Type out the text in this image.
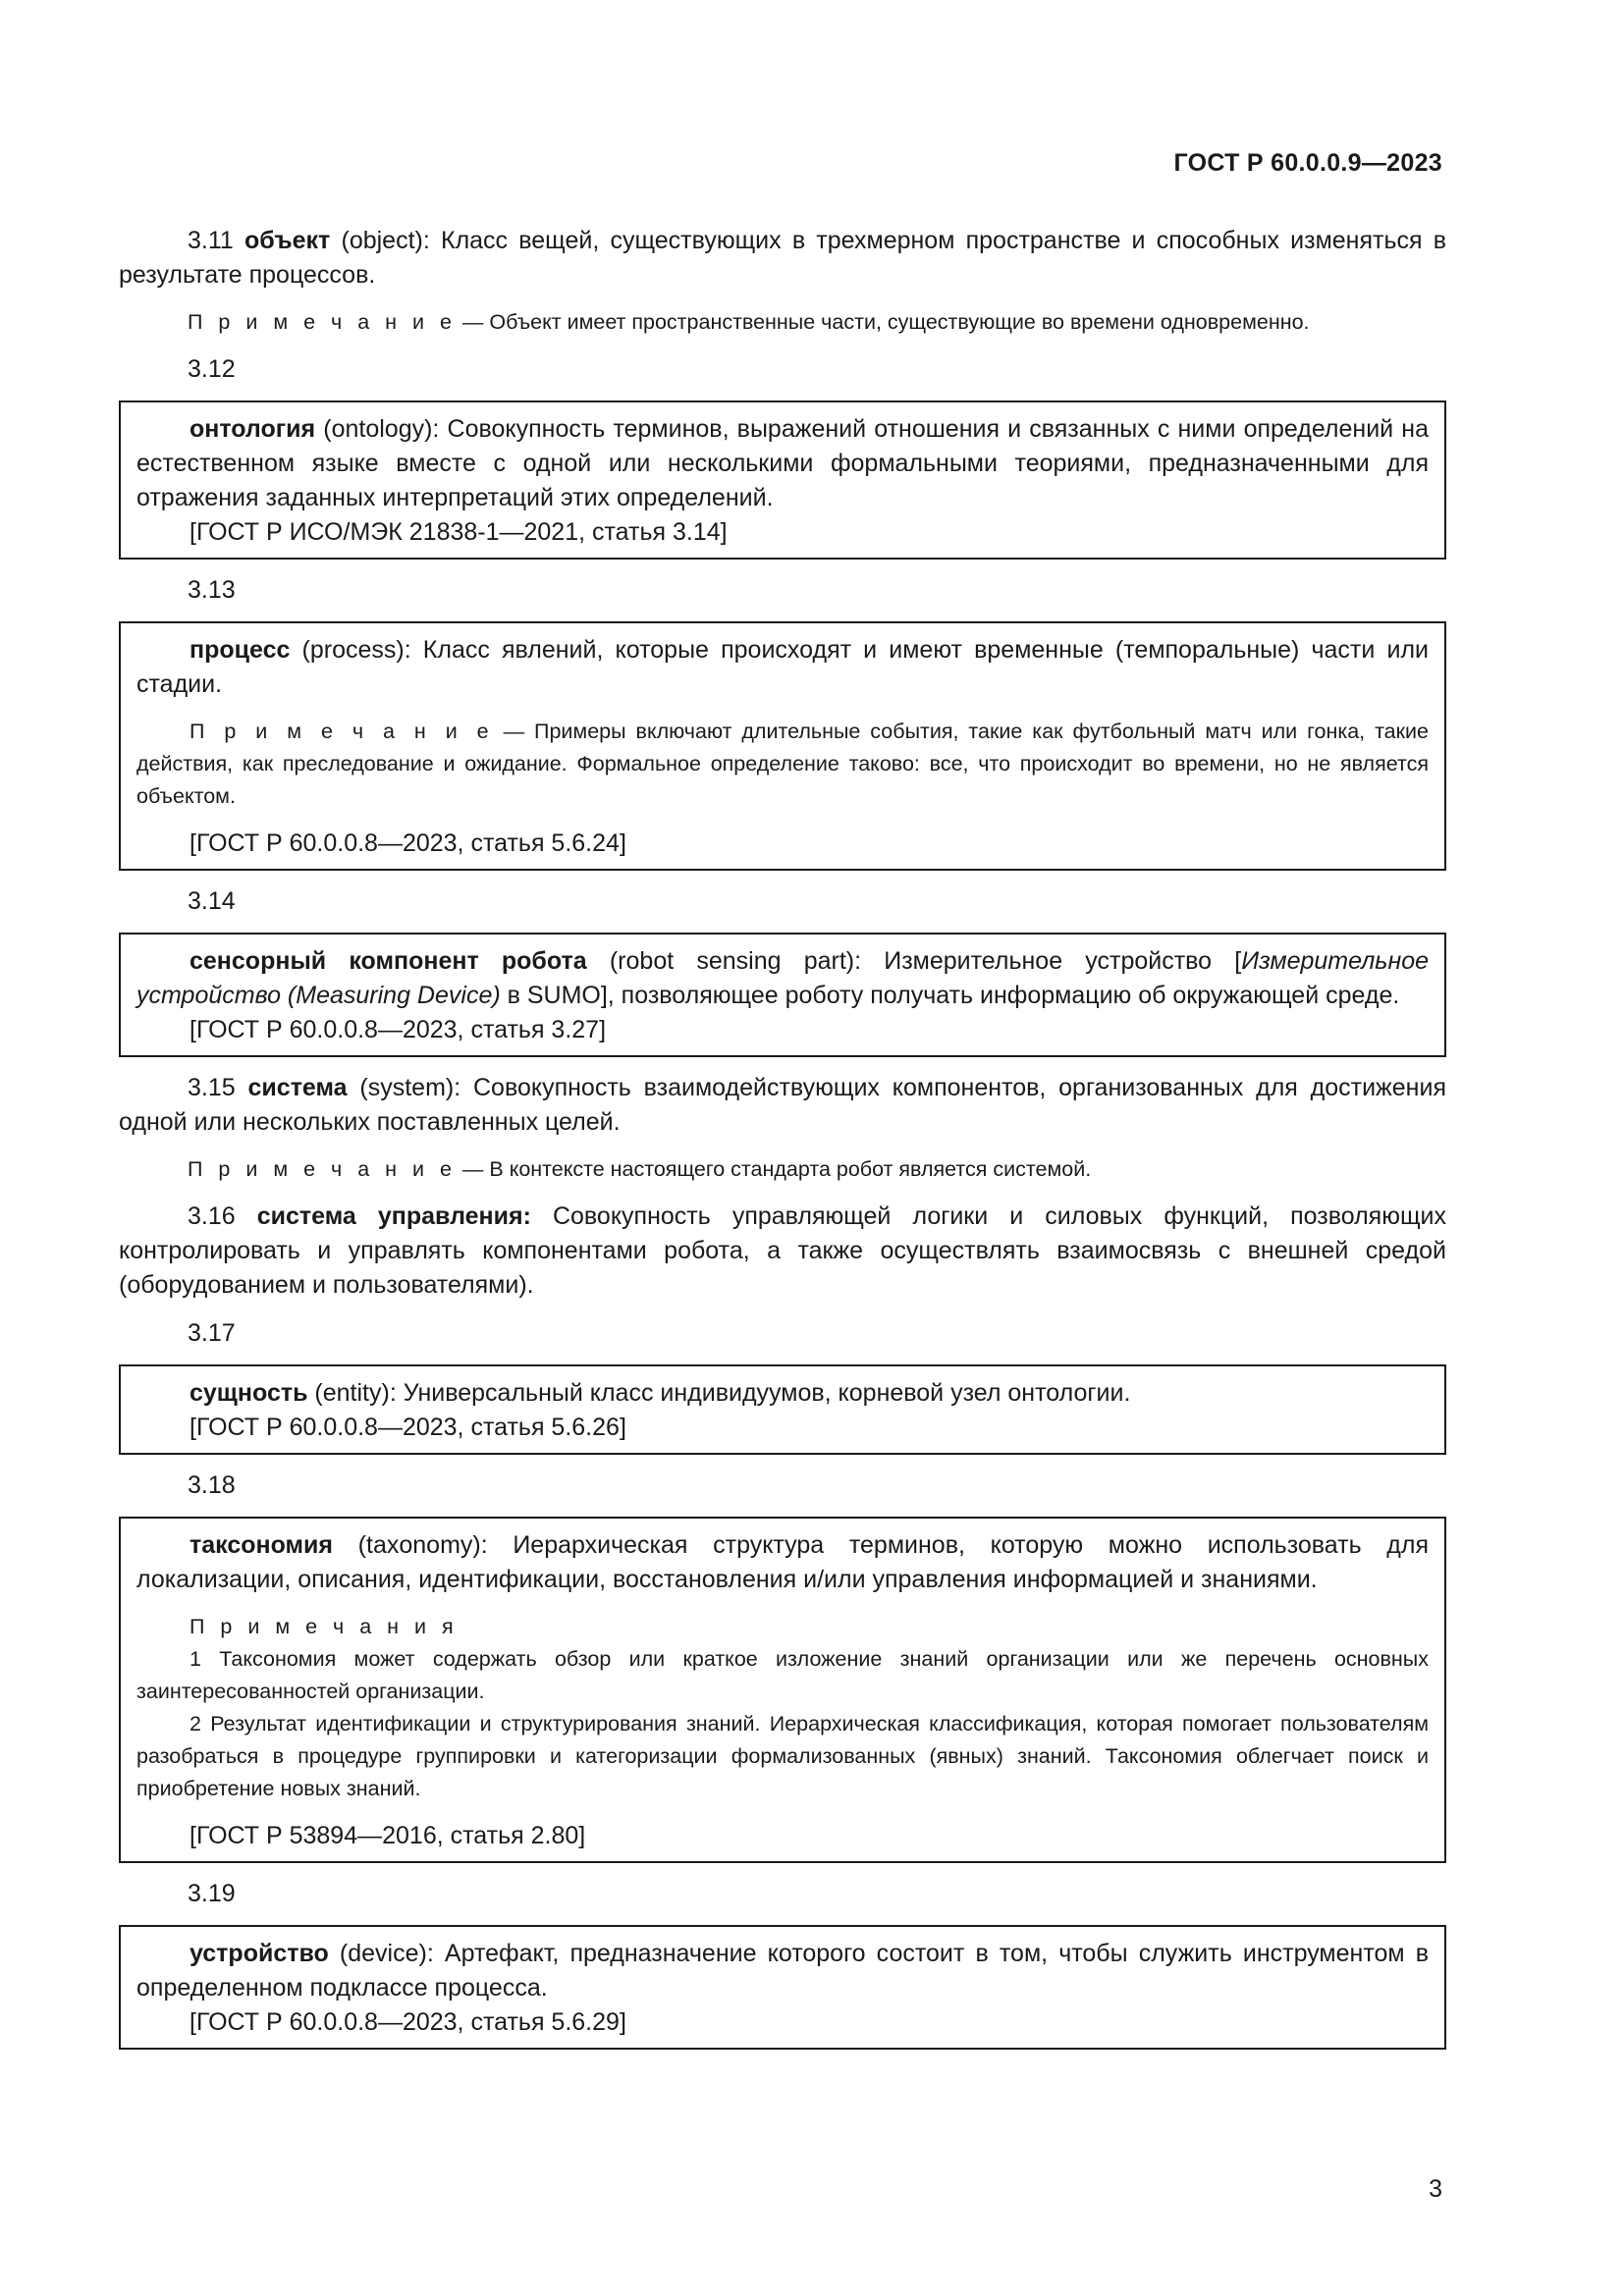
ГОСТ Р 60.0.0.9—2023

3.11 объект (object): Класс вещей, существующих в трехмерном пространстве и способных изменяться в результате процессов.

П р и м е ч а н и е — Объект имеет пространственные части, существующие во времени одновременно.

3.12

онтология (ontology): Совокупность терминов, выражений отношения и связанных с ними определений на естественном языке вместе с одной или несколькими формальными теориями, предназначенными для отражения заданных интерпретаций этих определений.

[ГОСТ Р ИСО/МЭК 21838-1—2021, статья 3.14]

3.13

процесс (process): Класс явлений, которые происходят и имеют временные (темпоральные) части или стадии.

П р и м е ч а н и е — Примеры включают длительные события, такие как футбольный матч или гонка, такие действия, как преследование и ожидание. Формальное определение таково: все, что происходит во времени, но не является объектом.

[ГОСТ Р 60.0.0.8—2023, статья 5.6.24]

3.14

сенсорный компонент робота (robot sensing part): Измерительное устройство [Измерительное устройство (Measuring Device) в SUMO], позволяющее роботу получать информацию об окружающей среде.

[ГОСТ Р 60.0.0.8—2023, статья 3.27]

3.15 система (system): Совокупность взаимодействующих компонентов, организованных для достижения одной или нескольких поставленных целей.

П р и м е ч а н и е — В контексте настоящего стандарта робот является системой.

3.16 система управления: Совокупность управляющей логики и силовых функций, позволяющих контролировать и управлять компонентами робота, а также осуществлять взаимосвязь с внешней средой (оборудованием и пользователями).

3.17

сущность (entity): Универсальный класс индивидуумов, корневой узел онтологии.

[ГОСТ Р 60.0.0.8—2023, статья 5.6.26]

3.18

таксономия (taxonomy): Иерархическая структура терминов, которую можно использовать для локализации, описания, идентификации, восстановления и/или управления информацией и знаниями.

П р и м е ч а н и я

1 Таксономия может содержать обзор или краткое изложение знаний организации или же перечень основных заинтересованностей организации.

2 Результат идентификации и структурирования знаний. Иерархическая классификация, которая помогает пользователям разобраться в процедуре группировки и категоризации формализованных (явных) знаний. Таксономия облегчает поиск и приобретение новых знаний.

[ГОСТ Р 53894—2016, статья 2.80]

3.19

устройство (device): Артефакт, предназначение которого состоит в том, чтобы служить инструментом в определенном подклассе процесса.

[ГОСТ Р 60.0.0.8—2023, статья 5.6.29]

3
